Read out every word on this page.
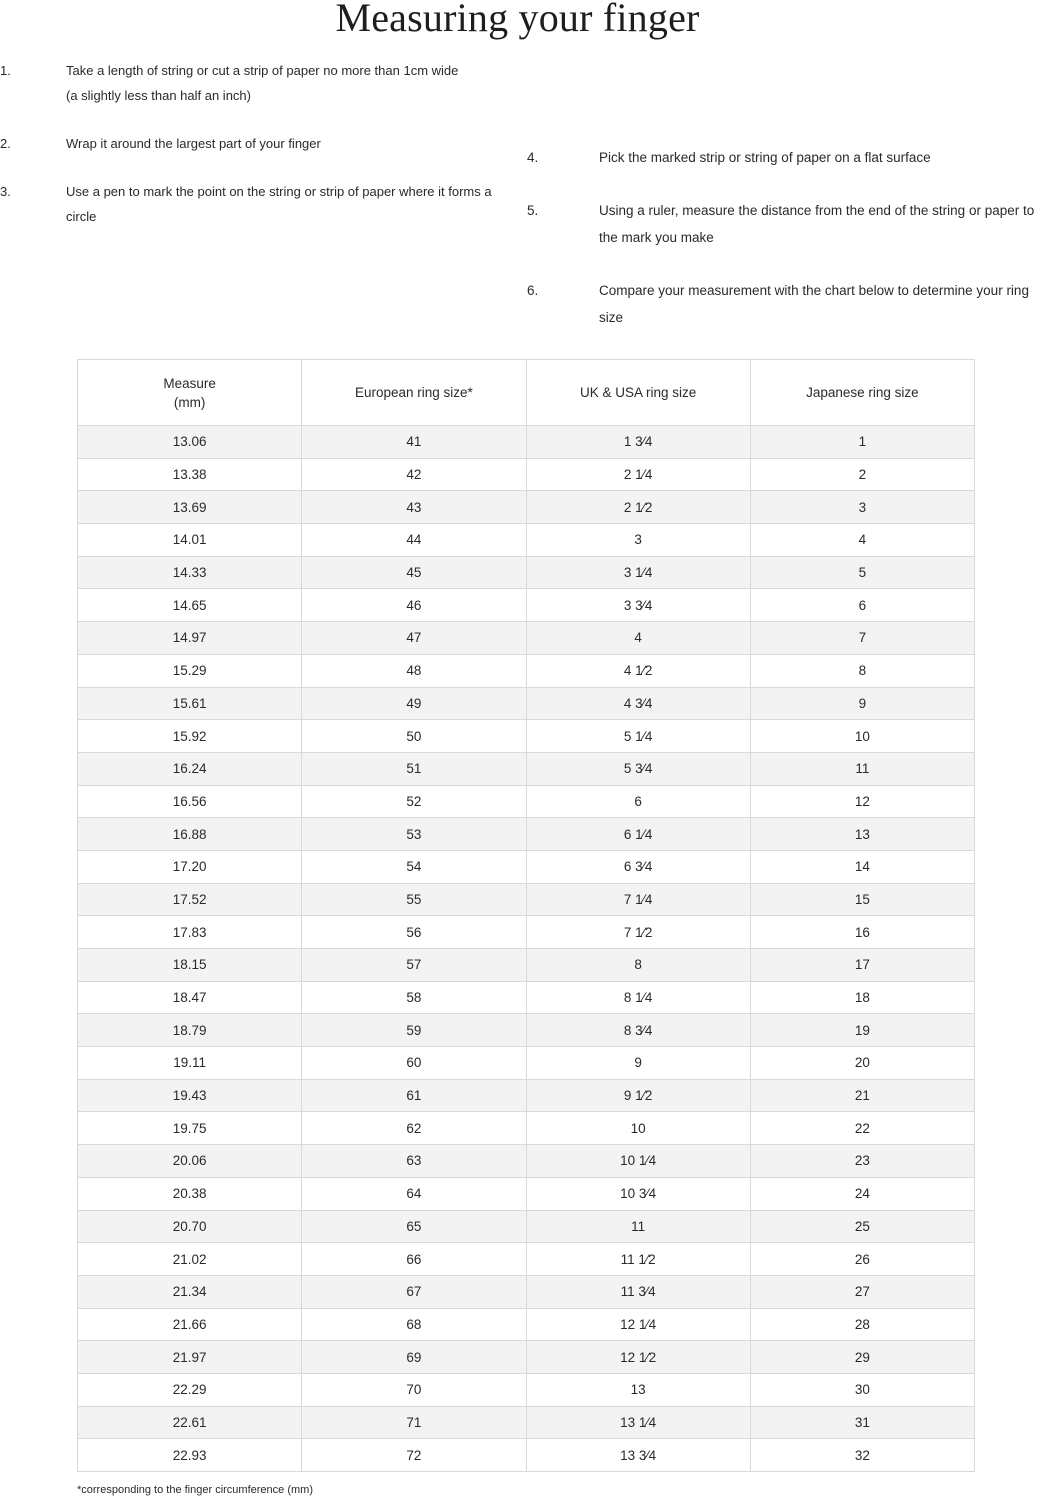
Measuring your finger
1.	Take a length of string or cut a strip of paper no more than 1cm wide
(a slightly less than half an inch)
2.	Wrap it around the largest part of your finger
3.	Use a pen to mark the point on the string or strip of paper where it forms a
circle
4.	Pick the marked strip or string of paper on a flat surface
5.	Using a ruler, measure the distance from the end of the string or paper to
the mark you make
6.	Compare your measurement with the chart below to determine your ring
size
Measure
(mm)	European ring size*	UK & USA ring size	Japanese ring size
13.06	41	1 3⁄4	1
13.38	42	2 1⁄4	2
13.69	43	2 1⁄2	3
14.01	44	3	4
14.33	45	3 1⁄4	5
14.65	46	3 3⁄4	6
14.97	47	4	7
15.29	48	4 1⁄2	8
15.61	49	4 3⁄4	9
15.92	50	5 1⁄4	10
16.24	51	5 3⁄4	11
16.56	52	6	12
16.88	53	6 1⁄4	13
17.20	54	6 3⁄4	14
17.52	55	7 1⁄4	15
17.83	56	7 1⁄2	16
18.15	57	8	17
18.47	58	8 1⁄4	18
18.79	59	8 3⁄4	19
19.11	60	9	20
19.43	61	9 1⁄2	21
19.75	62	10	22
20.06	63	10 1⁄4	23
20.38	64	10 3⁄4	24
20.70	65	11	25
21.02	66	11 1⁄2	26
21.34	67	11 3⁄4	27
21.66	68	12 1⁄4	28
21.97	69	12 1⁄2	29
22.29	70	13	30
22.61	71	13 1⁄4	31
22.93	72	13 3⁄4	32
*corresponding to the finger circumference (mm)
